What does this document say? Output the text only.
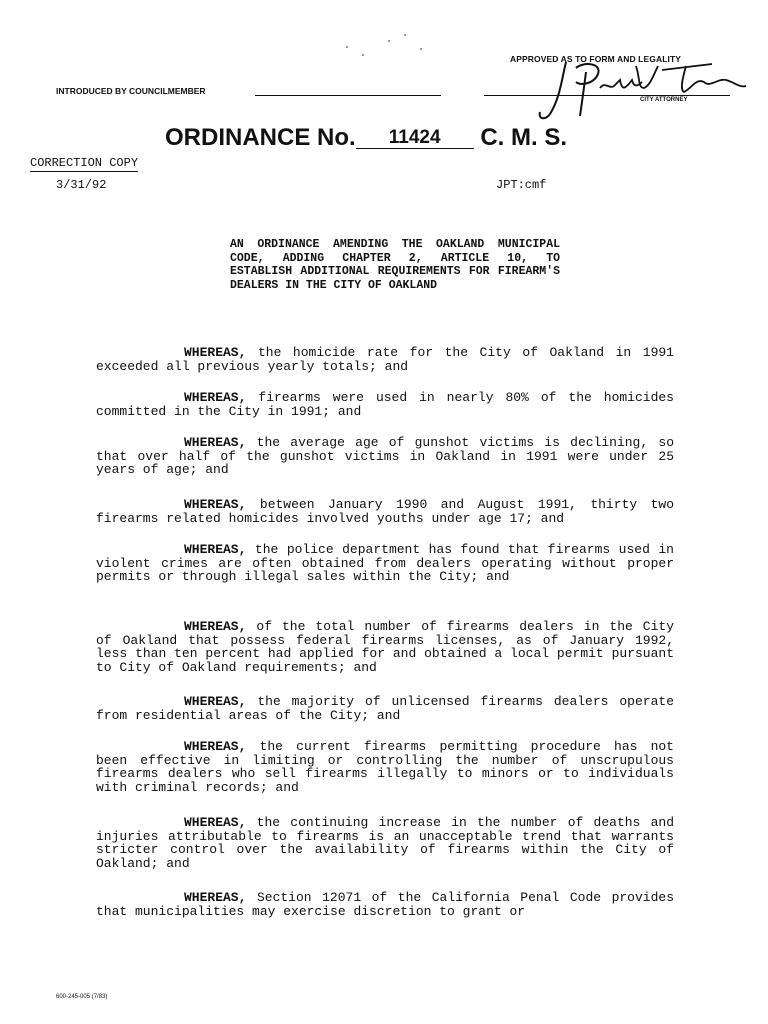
APPROVED AS TO FORM AND LEGALITY
INTRODUCED BY COUNCILMEMBER
CITY ATTORNEY
ORDINANCE No. 11424 C. M. S.
CORRECTION COPY
3/31/92	JPT:cmf
AN ORDINANCE AMENDING THE OAKLAND MUNICIPAL CODE, ADDING CHAPTER 2, ARTICLE 10, TO ESTABLISH ADDITIONAL REQUIREMENTS FOR FIREARM'S DEALERS IN THE CITY OF OAKLAND
WHEREAS, the homicide rate for the City of Oakland in 1991 exceeded all previous yearly totals; and
WHEREAS, firearms were used in nearly 80% of the homicides committed in the City in 1991; and
WHEREAS, the average age of gunshot victims is declining, so that over half of the gunshot victims in Oakland in 1991 were under 25 years of age; and
WHEREAS, between January 1990 and August 1991, thirty two firearms related homicides involved youths under age 17; and
WHEREAS, the police department has found that firearms used in violent crimes are often obtained from dealers operating without proper permits or through illegal sales within the City; and
WHEREAS, of the total number of firearms dealers in the City of Oakland that possess federal firearms licenses, as of January 1992, less than ten percent had applied for and obtained a local permit pursuant to City of Oakland requirements; and
WHEREAS, the majority of unlicensed firearms dealers operate from residential areas of the City; and
WHEREAS, the current firearms permitting procedure has not been effective in limiting or controlling the number of unscrupulous firearms dealers who sell firearms illegally to minors or to individuals with criminal records; and
WHEREAS, the continuing increase in the number of deaths and injuries attributable to firearms is an unacceptable trend that warrants stricter control over the availability of firearms within the City of Oakland; and
WHEREAS, Section 12071 of the California Penal Code provides that municipalities may exercise discretion to grant or
600-245-005 (7/83)
